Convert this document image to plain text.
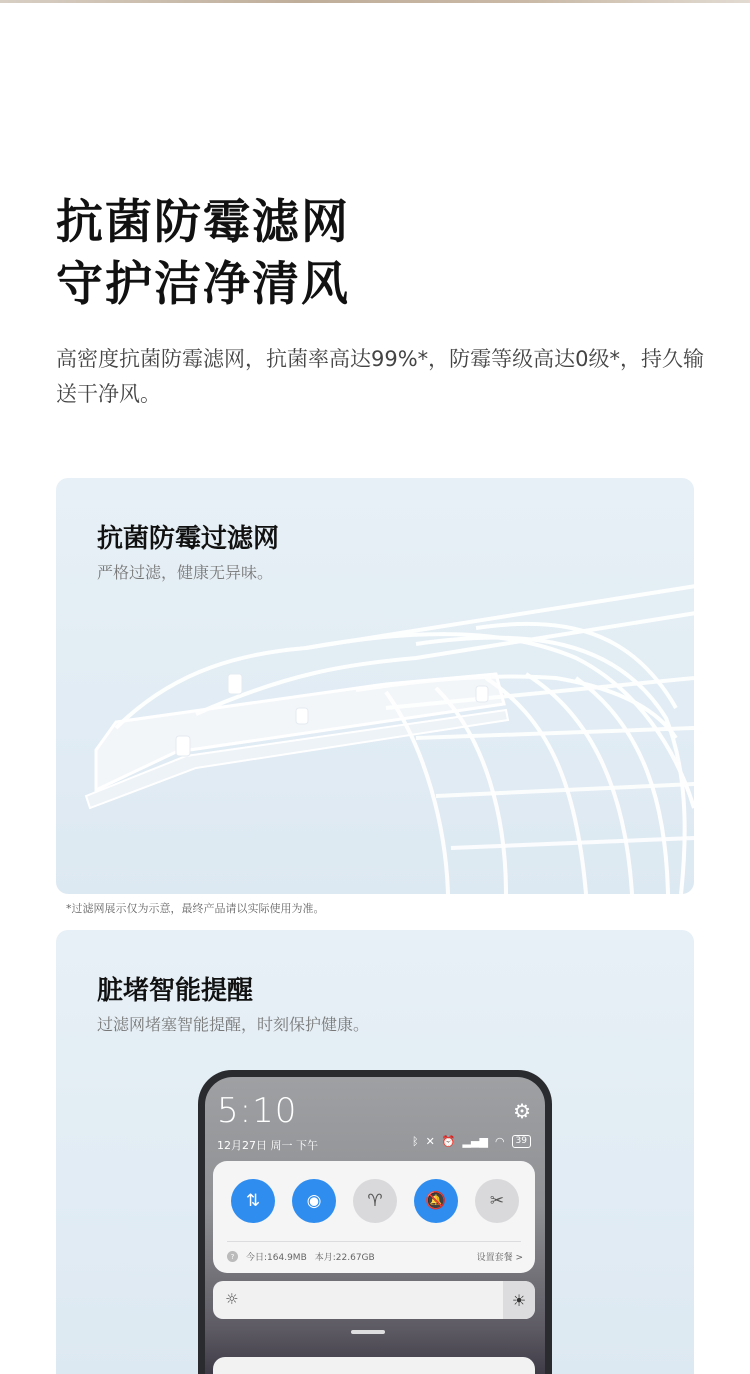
抗菌防霉滤网
守护洁净清风

高密度抗菌防霉滤网，抗菌率高达99%*，防霉等级高达0级*，持久输送干净风。

抗菌防霉过滤网

严格过滤，健康无异味。

*过滤网展示仅为示意，最终产品请以实际使用为准。

脏堵智能提醒

过滤网堵塞智能提醒，时刻保护健康。

5:10	⚙
12月27日 周一 下午	ᛒ ✕ ⏰ ▂▄▆ ◠	39
⇅	◉	♈	🔕	✂
?	今日:164.9MB 本月:22.67GB	设置套餐 >
☼	☀
